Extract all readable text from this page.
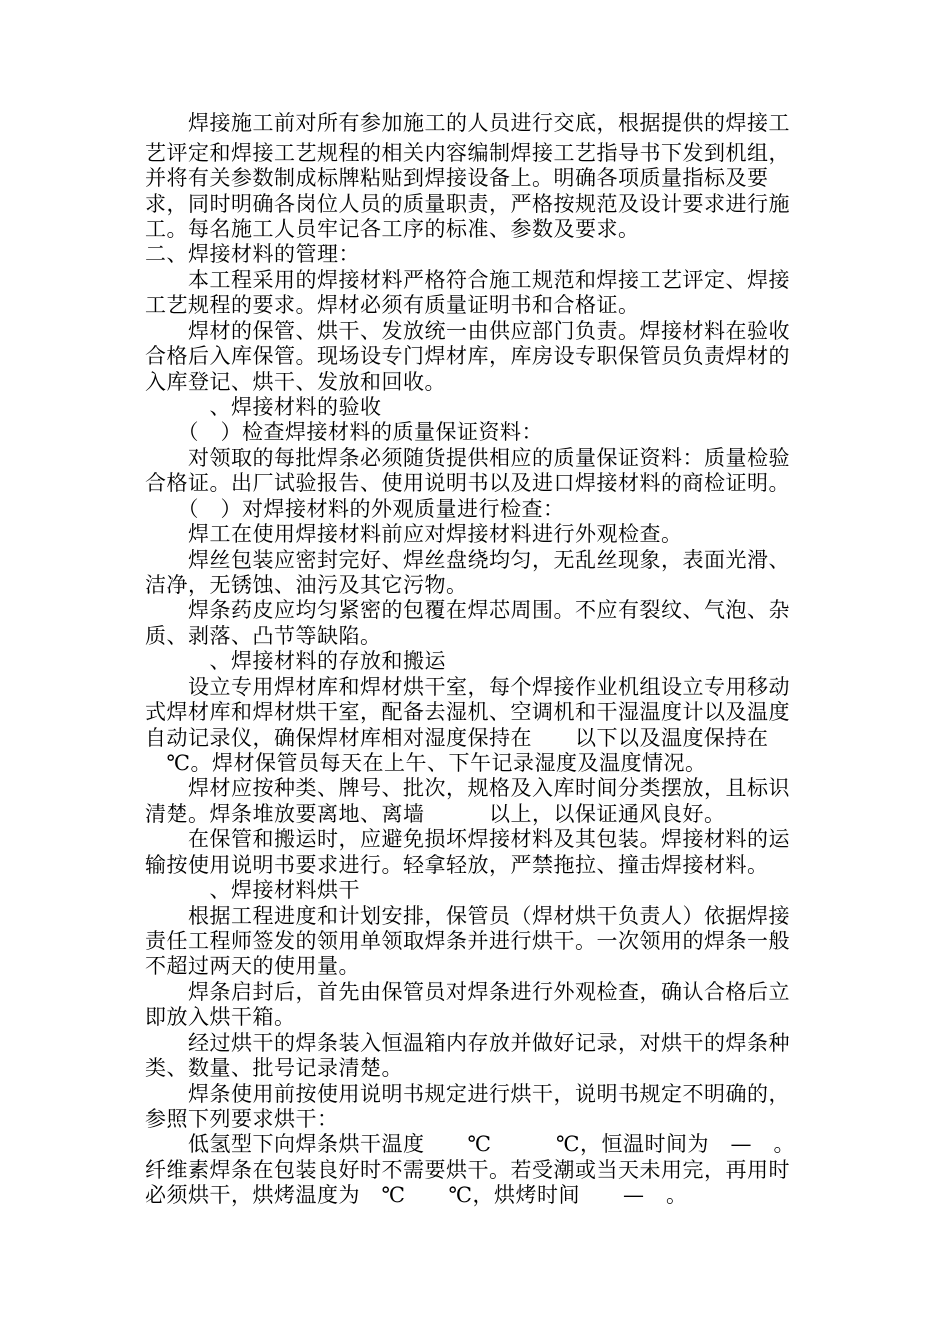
　　焊接施工前对所有参加施工的人员进行交底，根据提供的焊接工
艺评定和焊接工艺规程的相关内容编制焊接工艺指导书下发到机组，
并将有关参数制成标牌粘贴到焊接设备上。明确各项质量指标及要
求，同时明确各岗位人员的质量职责，严格按规范及设计要求进行施
工。每名施工人员牢记各工序的标准、参数及要求。
二、焊接材料的管理：
　　本工程采用的焊接材料严格符合施工规范和焊接工艺评定、焊接
工艺规程的要求。焊材必须有质量证明书和合格证。
　　焊材的保管、烘干、发放统一由供应部门负责。焊接材料在验收
合格后入库保管。现场设专门焊材库，库房设专职保管员负责焊材的
入库登记、烘干、发放和回收。
　　　、焊接材料的验收
　　（　）检查焊接材料的质量保证资料：
　　对领取的每批焊条必须随货提供相应的质量保证资料：质量检验
合格证。出厂试验报告、使用说明书以及进口焊接材料的商检证明。
　　（　）对焊接材料的外观质量进行检查：
　　焊工在使用焊接材料前应对焊接材料进行外观检查。
　　焊丝包装应密封完好、焊丝盘绕均匀，无乱丝现象，表面光滑、
洁净，无锈蚀、油污及其它污物。
　　焊条药皮应均匀紧密的包覆在焊芯周围。不应有裂纹、气泡、杂
质、剥落、凸节等缺陷。
　　　、焊接材料的存放和搬运
　　设立专用焊材库和焊材烘干室，每个焊接作业机组设立专用移动
式焊材库和焊材烘干室，配备去湿机、空调机和干湿温度计以及温度
自动记录仪，确保焊材库相对湿度保持在　　以下以及温度保持在
　℃。焊材保管员每天在上午、下午记录湿度及温度情况。
　　焊材应按种类、牌号、批次，规格及入库时间分类摆放，且标识
清楚。焊条堆放要离地、离墙　　　以上，以保证通风良好。
　　在保管和搬运时，应避免损坏焊接材料及其包装。焊接材料的运
输按使用说明书要求进行。轻拿轻放，严禁拖拉、撞击焊接材料。
　　　、焊接材料烘干
　　根据工程进度和计划安排，保管员（焊材烘干负责人）依据焊接
责任工程师签发的领用单领取焊条并进行烘干。一次领用的焊条一般
不超过两天的使用量。
　　焊条启封后，首先由保管员对焊条进行外观检查，确认合格后立
即放入烘干箱。
　　经过烘干的焊条装入恒温箱内存放并做好记录，对烘干的焊条种
类、数量、批号记录清楚。
　　焊条使用前按使用说明书规定进行烘干，说明书规定不明确的，
参照下列要求烘干：
　　低氢型下向焊条烘干温度　　℃　　　℃，恒温时间为　—　。
纤维素焊条在包装良好时不需要烘干。若受潮或当天未用完，再用时
必须烘干，烘烤温度为　℃　　℃，烘烤时间　　—　。
